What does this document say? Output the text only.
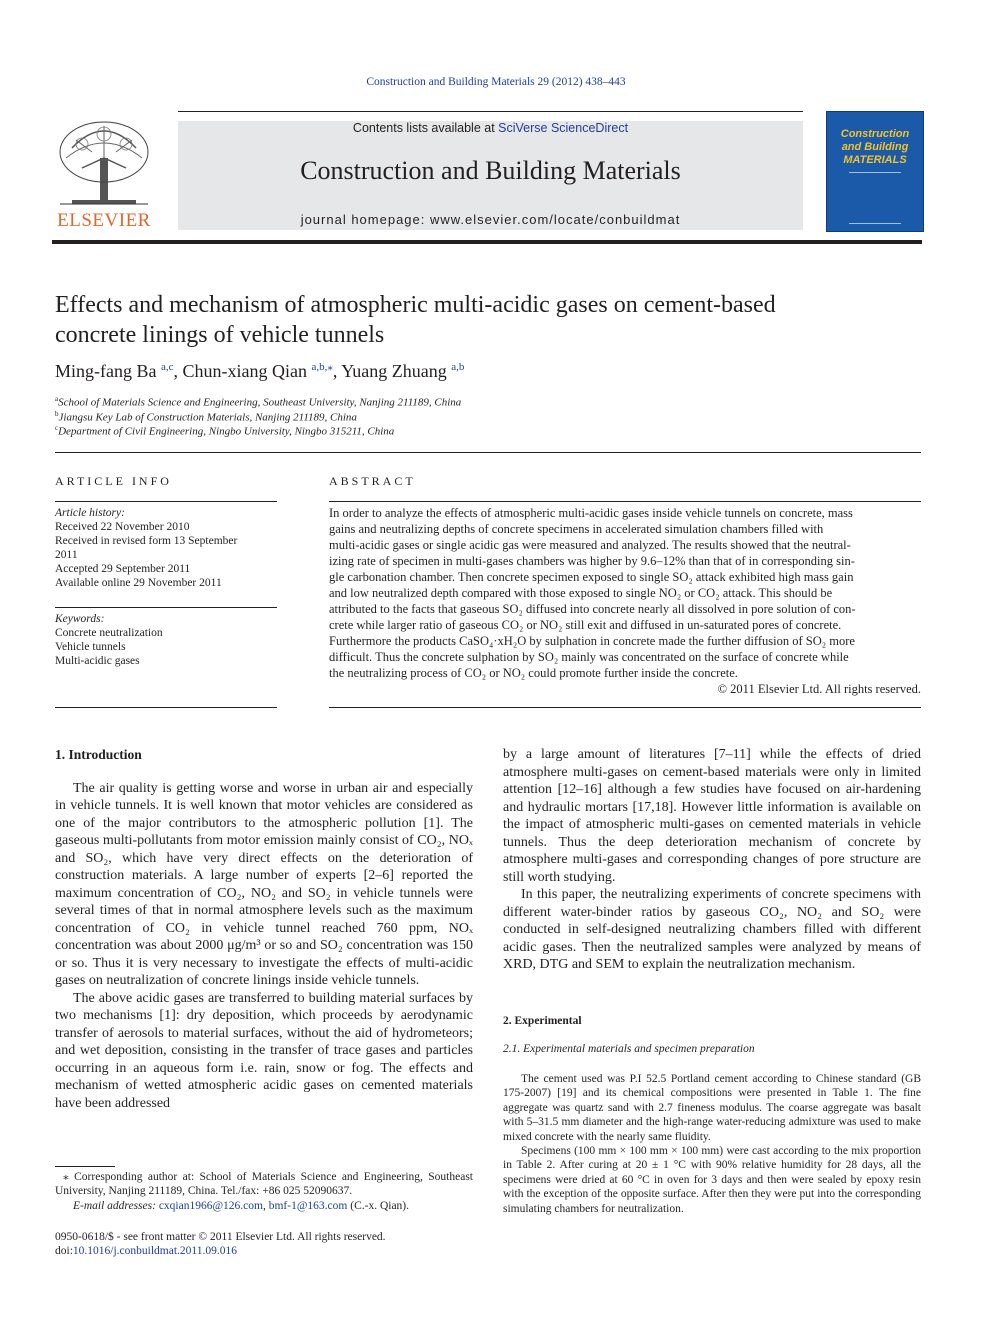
Construction and Building Materials 29 (2012) 438–443
ELSEVIER
Contents lists available at SciVerse ScienceDirect
Construction and Building Materials
journal homepage: www.elsevier.com/locate/conbuildmat
Construction and Building MATERIALS
Effects and mechanism of atmospheric multi-acidic gases on cement-based
concrete linings of vehicle tunnels
Ming-fang Ba $^{a,c}$, Chun-xiang Qian $^{a,b,⁎}$, Yuang Zhuang $^{a,b}$
$^a$School of Materials Science and Engineering, Southeast University, Nanjing 211189, China
$^b$Jiangsu Key Lab of Construction Materials, Nanjing 211189, China
$^c$Department of Civil Engineering, Ningbo University, Ningbo 315211, China
ARTICLE INFO
Article history:
Received 22 November 2010
Received in revised form 13 September
2011
Accepted 29 September 2011
Available online 29 November 2011
Keywords:
Concrete neutralization
Vehicle tunnels
Multi-acidic gases
ABSTRACT
In order to analyze the effects of atmospheric multi-acidic gases inside vehicle tunnels on concrete, mass
gains and neutralizing depths of concrete specimens in accelerated simulation chambers filled with
multi-acidic gases or single acidic gas were measured and analyzed. The results showed that the neutral-
izing rate of specimen in multi-gases chambers was higher by 9.6–12% than that of in corresponding sin-
gle carbonation chamber. Then concrete specimen exposed to single SO₂ attack exhibited high mass gain
and low neutralized depth compared with those exposed to single NO₂ or CO₂ attack. This should be
attributed to the facts that gaseous SO₂ diffused into concrete nearly all dissolved in pore solution of con-
crete while larger ratio of gaseous CO₂ or NO₂ still exit and diffused in un-saturated pores of concrete.
Furthermore the products CaSO₄·xH₂O by sulphation in concrete made the further diffusion of SO₂ more
difficult. Thus the concrete sulphation by SO₂ mainly was concentrated on the surface of concrete while
the neutralizing process of CO₂ or NO₂ could promote further inside the concrete.
© 2011 Elsevier Ltd. All rights reserved.
1. Introduction

The air quality is getting worse and worse in urban air and especially in vehicle tunnels. It is well known that motor vehicles are considered as one of the major contributors to the atmospheric pollution [1]. The gaseous multi-pollutants from motor emission mainly consist of CO₂, NOₓ and SO₂, which have very direct effects on the deterioration of construction materials. A large number of experts [2–6] reported the maximum concentration of CO₂, NO₂ and SO₂ in vehicle tunnels were several times of that in normal atmosphere levels such as the maximum concentration of CO₂ in vehicle tunnel reached 760 ppm, NOₓ concentration was about 2000 μg/m³ or so and SO₂ concentration was 150 or so. Thus it is very necessary to investigate the effects of multi-acidic gases on neutralization of concrete linings inside vehicle tunnels.

The above acidic gases are transferred to building material surfaces by two mechanisms [1]: dry deposition, which proceeds by aerodynamic transfer of aerosols to material surfaces, without the aid of hydrometeors; and wet deposition, consisting in the transfer of trace gases and particles occurring in an aqueous form i.e. rain, snow or fog. The effects and mechanism of wetted atmospheric acidic gases on cemented materials have been addressed

by a large amount of literatures [7–11] while the effects of dried atmosphere multi-gases on cement-based materials were only in limited attention [12–16] although a few studies have focused on air-hardening and hydraulic mortars [17,18]. However little information is available on the impact of atmospheric multi-gases on cemented materials in vehicle tunnels. Thus the deep deterioration mechanism of concrete by atmosphere multi-gases and corresponding changes of pore structure are still worth studying.

In this paper, the neutralizing experiments of concrete specimens with different water-binder ratios by gaseous CO₂, NO₂ and SO₂ were conducted in self-designed neutralizing chambers filled with different acidic gases. Then the neutralized samples were analyzed by means of XRD, DTG and SEM to explain the neutralization mechanism.

2. Experimental
2.1. Experimental materials and specimen preparation

The cement used was P.I 52.5 Portland cement according to Chinese standard (GB 175-2007) [19] and its chemical compositions were presented in Table 1. The fine aggregate was quartz sand with 2.7 fineness modulus. The coarse aggregate was basalt with 5–31.5 mm diameter and the high-range water-reducing admixture was used to make mixed concrete with the nearly same fluidity.

Specimens (100 mm × 100 mm × 100 mm) were cast according to the mix proportion in Table 2. After curing at 20 ± 1 °C with 90% relative humidity for 28 days, all the specimens were dried at 60 °C in oven for 3 days and then were sealed by epoxy resin with the exception of the opposite surface. After then they were put into the corresponding simulating chambers for neutralization.

⁎ Corresponding author at: School of Materials Science and Engineering, Southeast University, Nanjing 211189, China. Tel./fax: +86 025 52090637.
E-mail addresses: cxqian1966@126.com, bmf-1@163.com (C.-x. Qian).
0950-0618/$ - see front matter © 2011 Elsevier Ltd. All rights reserved.
doi:10.1016/j.conbuildmat.2011.09.016
